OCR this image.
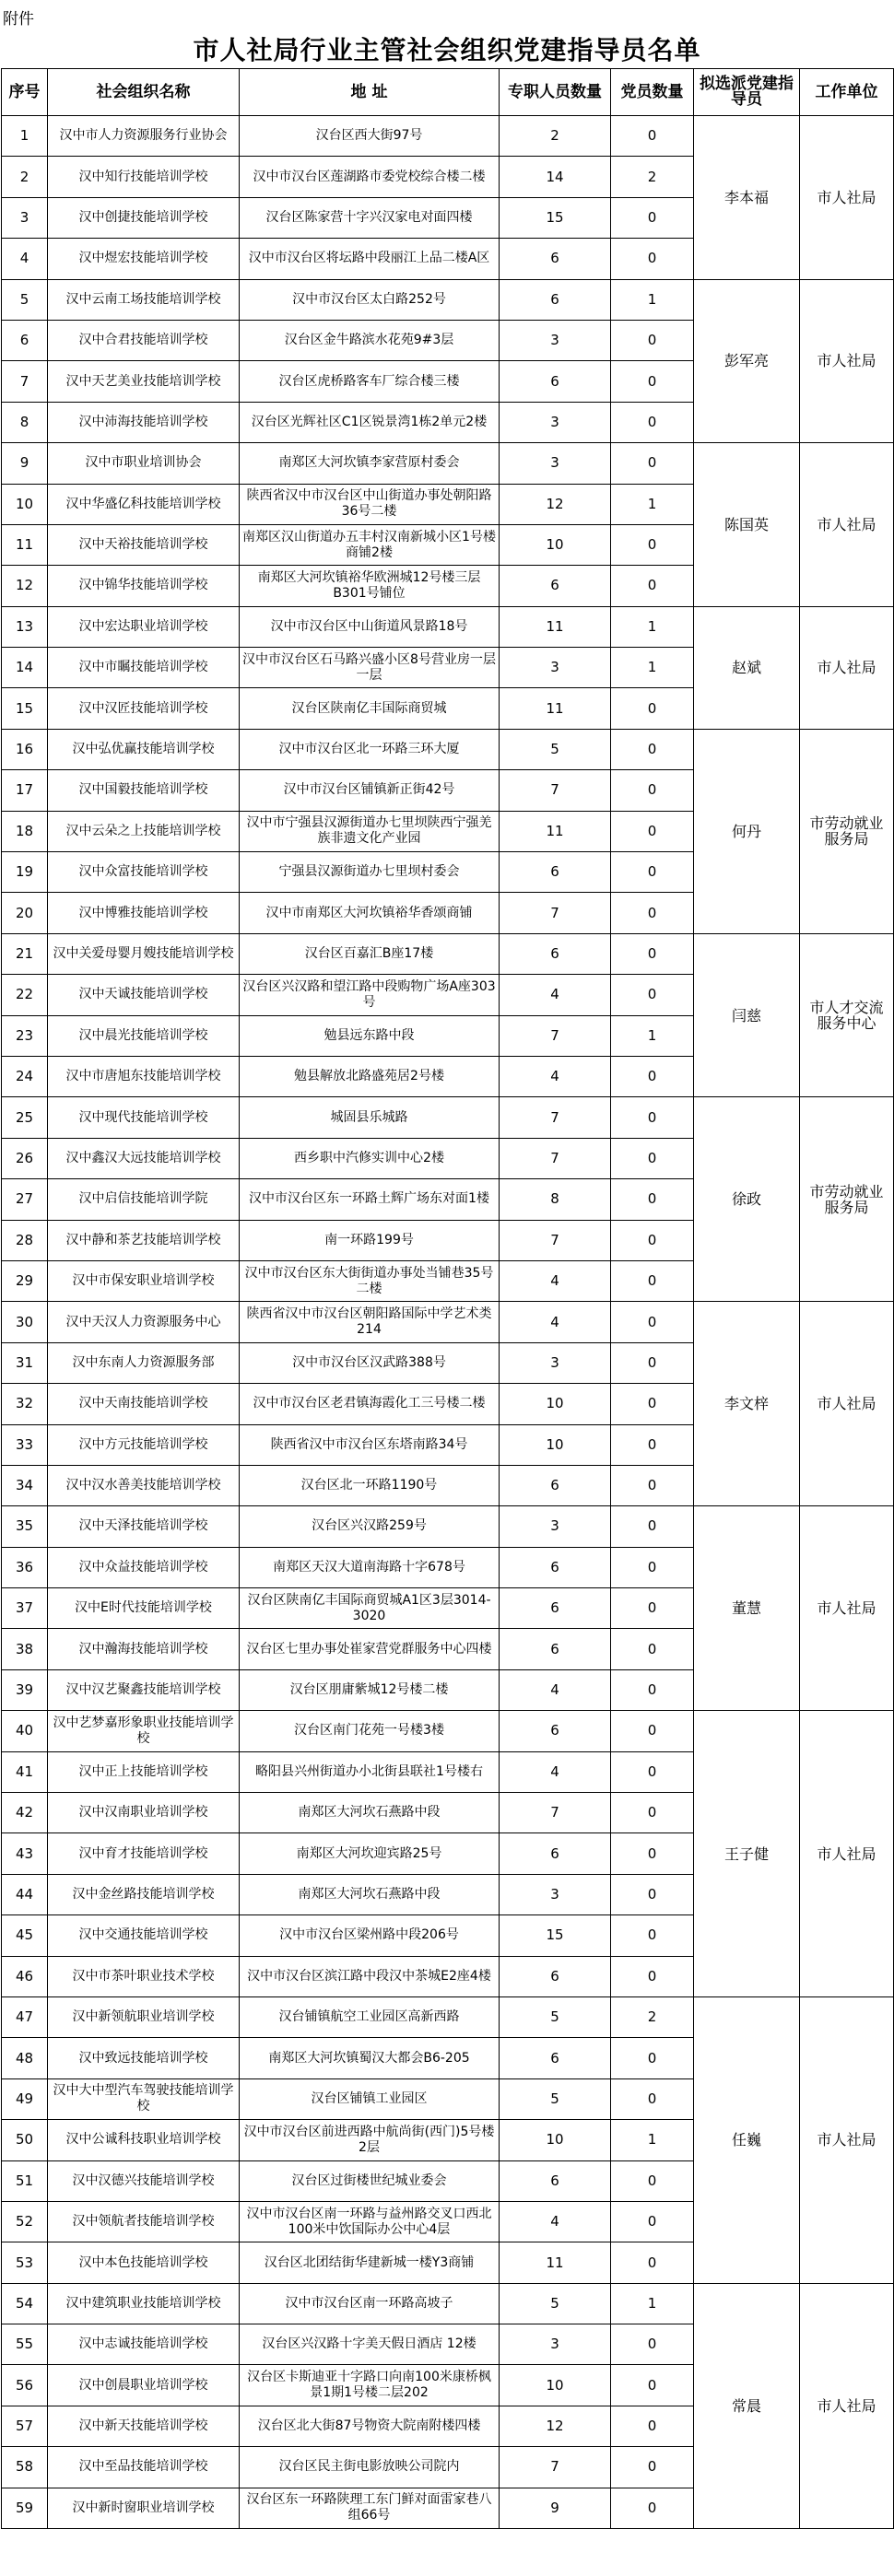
附件
市人社局行业主管社会组织党建指导员名单
序号	社会组织名称	地 址	专职人员数量	党员数量	拟选派党建指导员	工作单位
1	汉中市人力资源服务行业协会	汉台区西大街97号	2	0	李本福	市人社局
2	汉中知行技能培训学校	汉中市汉台区莲湖路市委党校综合楼二楼	14	2		
3	汉中创捷技能培训学校	汉台区陈家营十字兴汉家电对面四楼	15	0		
4	汉中煜宏技能培训学校	汉中市汉台区将坛路中段丽江上品二楼A区	6	0		
5	汉中云南工场技能培训学校	汉中市汉台区太白路252号	6	1	彭军亮	市人社局
6	汉中合君技能培训学校	汉台区金牛路滨水花苑9#3层	3	0		
7	汉中天艺美业技能培训学校	汉台区虎桥路客车厂综合楼三楼	6	0		
8	汉中沛海技能培训学校	汉台区光辉社区C1区锐景湾1栋2单元2楼	3	0		
9	汉中市职业培训协会	南郑区大河坎镇李家营原村委会	3	0	陈国英	市人社局
10	汉中华盛亿科技能培训学校	陕西省汉中市汉台区中山街道办事处朝阳路36号二楼	12	1		
11	汉中天裕技能培训学校	南郑区汉山街道办五丰村汉南新城小区1号楼商铺2楼	10	0		
12	汉中锦华技能培训学校	南郑区大河坎镇裕华欧洲城12号楼三层B301号铺位	6	0		
13	汉中宏达职业培训学校	汉中市汉台区中山街道风景路18号	11	1	赵斌	市人社局
14	汉中市瞩技能培训学校	汉中市汉台区石马路兴盛小区8号营业房一层一层	3	1		
15	汉中汉匠技能培训学校	汉台区陕南亿丰国际商贸城	11	0		
16	汉中弘优赢技能培训学校	汉中市汉台区北一环路三环大厦	5	0	何丹	市劳动就业服务局
17	汉中国毅技能培训学校	汉中市汉台区铺镇新正街42号	7	0		
18	汉中云朵之上技能培训学校	汉中市宁强县汉源街道办七里坝陕西宁强羌族非遗文化产业园	11	0		
19	汉中众富技能培训学校	宁强县汉源街道办七里坝村委会	6	0		
20	汉中博雅技能培训学校	汉中市南郑区大河坎镇裕华香颂商铺	7	0		
21	汉中关爱母婴月嫂技能培训学校	汉台区百嘉汇B座17楼	6	0	闫慈	市人才交流服务中心
22	汉中天诚技能培训学校	汉台区兴汉路和望江路中段购物广场A座303号	4	0		
23	汉中晨光技能培训学校	勉县远东路中段	7	1		
24	汉中市唐旭东技能培训学校	勉县解放北路盛苑居2号楼	4	0		
25	汉中现代技能培训学校	城固县乐城路	7	0	徐政	市劳动就业服务局
26	汉中鑫汉大远技能培训学校	西乡职中汽修实训中心2楼	7	0		
27	汉中启信技能培训学院	汉中市汉台区东一环路土辉广场东对面1楼	8	0		
28	汉中静和茶艺技能培训学校	南一环路199号	7	0		
29	汉中市保安职业培训学校	汉中市汉台区东大街街道办事处当铺巷35号二楼	4	0		
30	汉中天汉人力资源服务中心	陕西省汉中市汉台区朝阳路国际中学艺术类214	4	0	李文梓	市人社局
31	汉中东南人力资源服务部	汉中市汉台区汉武路388号	3	0		
32	汉中天南技能培训学校	汉中市汉台区老君镇海霞化工三号楼二楼	10	0		
33	汉中方元技能培训学校	陕西省汉中市汉台区东塔南路34号	10	0		
34	汉中汉水善美技能培训学校	汉台区北一环路1190号	6	0		
35	汉中天泽技能培训学校	汉台区兴汉路259号	3	0	董慧	市人社局
36	汉中众益技能培训学校	南郑区天汉大道南海路十字678号	6	0		
37	汉中E时代技能培训学校	汉台区陕南亿丰国际商贸城A1区3层3014-3020	6	0		
38	汉中瀚海技能培训学校	汉台区七里办事处崔家营党群服务中心四楼	6	0		
39	汉中汉艺聚鑫技能培训学校	汉台区朋庸紫城12号楼二楼	4	0		
40	汉中艺梦嘉形象职业技能培训学校	汉台区南门花苑一号楼3楼	6	0	王子健	市人社局
41	汉中正上技能培训学校	略阳县兴州街道办小北街县联社1号楼右	4	0		
42	汉中汉南职业培训学校	南郑区大河坎石燕路中段	7	0		
43	汉中育才技能培训学校	南郑区大河坎迎宾路25号	6	0		
44	汉中金丝路技能培训学校	南郑区大河坎石燕路中段	3	0		
45	汉中交通技能培训学校	汉中市汉台区梁州路中段206号	15	0		
46	汉中市茶叶职业技术学校	汉中市汉台区滨江路中段汉中茶城E2座4楼	6	0		
47	汉中新领航职业培训学校	汉台铺镇航空工业园区高新西路	5	2	任巍	市人社局
48	汉中致远技能培训学校	南郑区大河坎镇蜀汉大都会B6-205	6	0		
49	汉中大中型汽车驾驶技能培训学校	汉台区铺镇工业园区	5	0		
50	汉中公诚科技职业培训学校	汉中市汉台区前进西路中航尚街(西门)5号楼2层	10	1		
51	汉中汉德兴技能培训学校	汉台区过街楼世纪城业委会	6	0		
52	汉中领航者技能培训学校	汉中市汉台区南一环路与益州路交叉口西北100米中饮国际办公中心4层	4	0		
53	汉中本色技能培训学校	汉台区北团结街华建新城一楼Y3商铺	11	0		
54	汉中建筑职业技能培训学校	汉中市汉台区南一环路高坡子	5	1	常晨	市人社局
55	汉中志诚技能培训学校	汉台区兴汉路十字美天假日酒店 12楼	3	0		
56	汉中创晨职业培训学校	汉台区卡斯迪亚十字路口向南100米康桥枫景1期1号楼二层202	10	0		
57	汉中新天技能培训学校	汉台区北大街87号物资大院南附楼四楼	12	0		
58	汉中至品技能培训学校	汉台区民主街电影放映公司院内	7	0		
59	汉中新时窗职业培训学校	汉台区东一环路陕理工东门鲜对面雷家巷八组66号	9	0		
